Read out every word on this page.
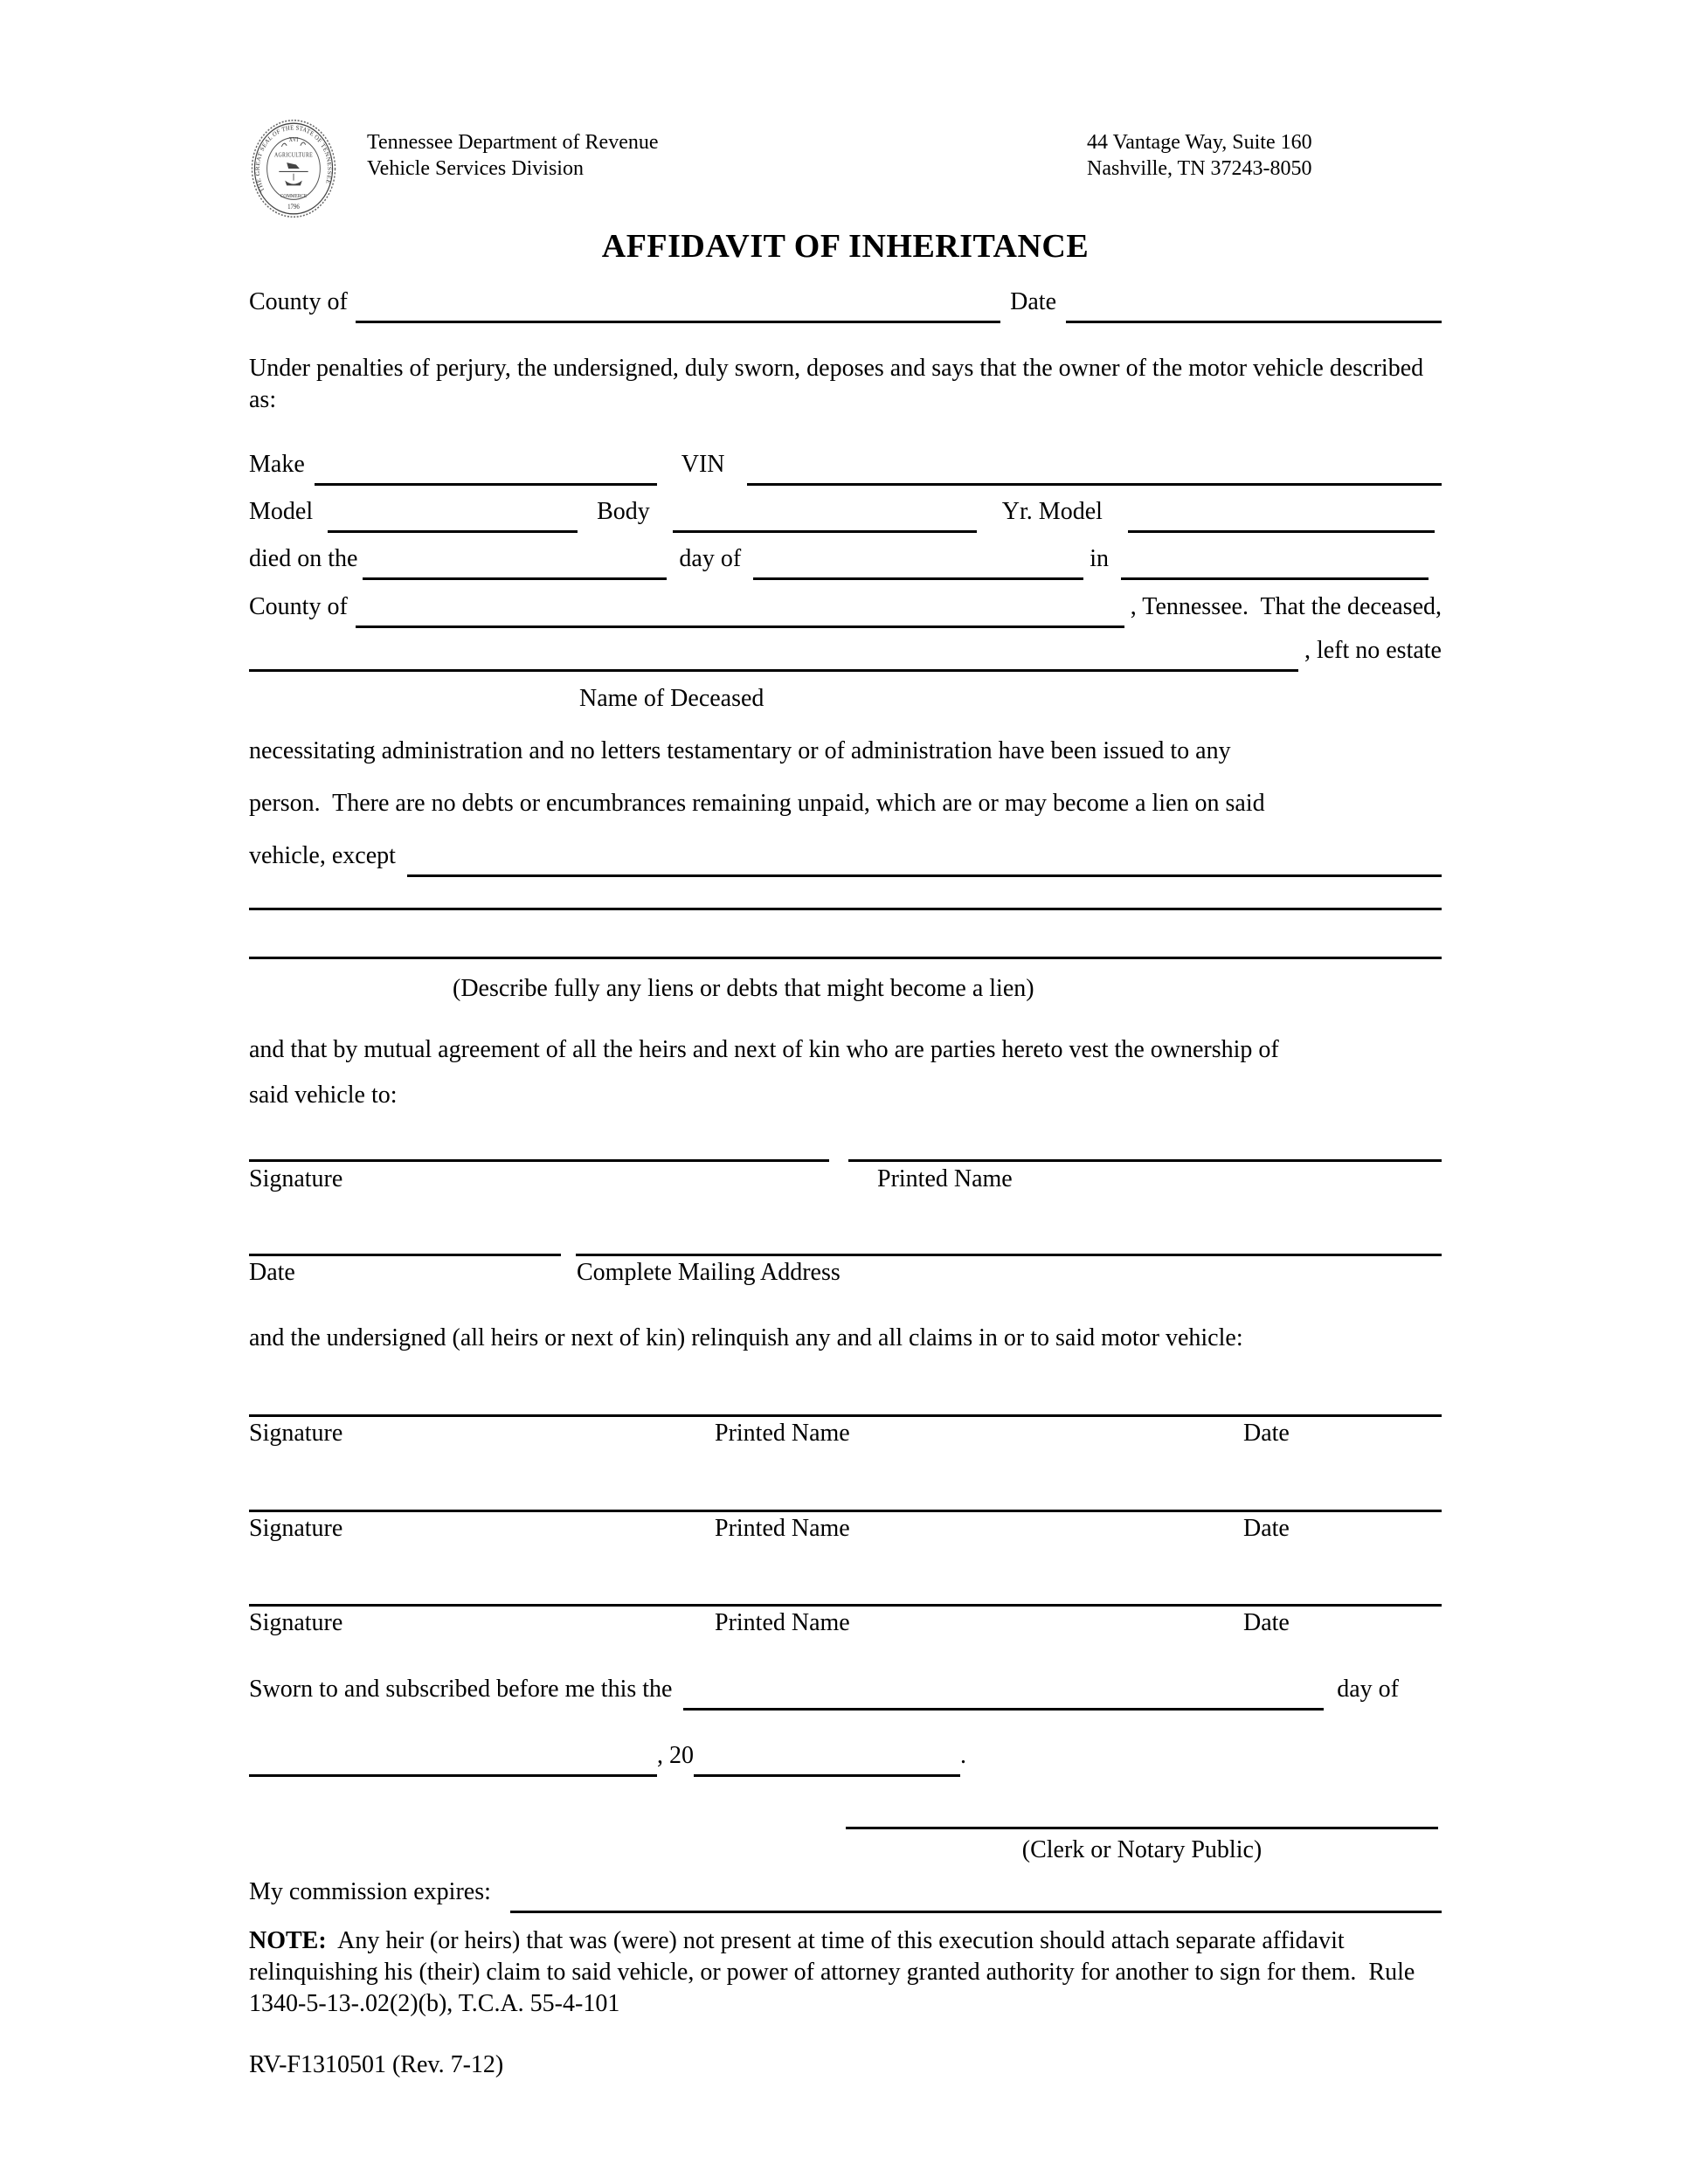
THE GREAT SEAL OF THE STATE OF TENNESSEE
XVI
AGRICULTURE
COMMERCE
1796
Tennessee Department of Revenue
Vehicle Services Division
44 Vantage Way, Suite 160
Nashville, TN 37243-8050
AFFIDAVIT OF INHERITANCE
County of	Date
Under penalties of perjury, the undersigned, duly sworn, deposes and says that the owner of the motor vehicle described as:
Make	VIN
Model	Body	Yr. Model
died on the	day of	in
County of	, Tennessee.  That the deceased,
, left no estate
Name of Deceased
necessitating administration and no letters testamentary or of administration have been issued to any
person.  There are no debts or encumbrances remaining unpaid, which are or may become a lien on said
vehicle, except
(Describe fully any liens or debts that might become a lien)
and that by mutual agreement of all the heirs and next of kin who are parties hereto vest the ownership of
said vehicle to:
Signature	Printed Name
Date	Complete Mailing Address
and the undersigned (all heirs or next of kin) relinquish any and all claims in or to said motor vehicle:
Signature	Printed Name	Date
Signature	Printed Name	Date
Signature	Printed Name	Date
Sworn to and subscribed before me this the	day of
, 20	.
(Clerk or Notary Public)
My commission expires:
NOTE:  Any heir (or heirs) that was (were) not present at time of this execution should attach separate affidavit relinquishing his (their) claim to said vehicle, or power of attorney granted authority for another to sign for them.  Rule 1340-5-13-.02(2)(b), T.C.A. 55-4-101
RV-F1310501 (Rev. 7-12)
